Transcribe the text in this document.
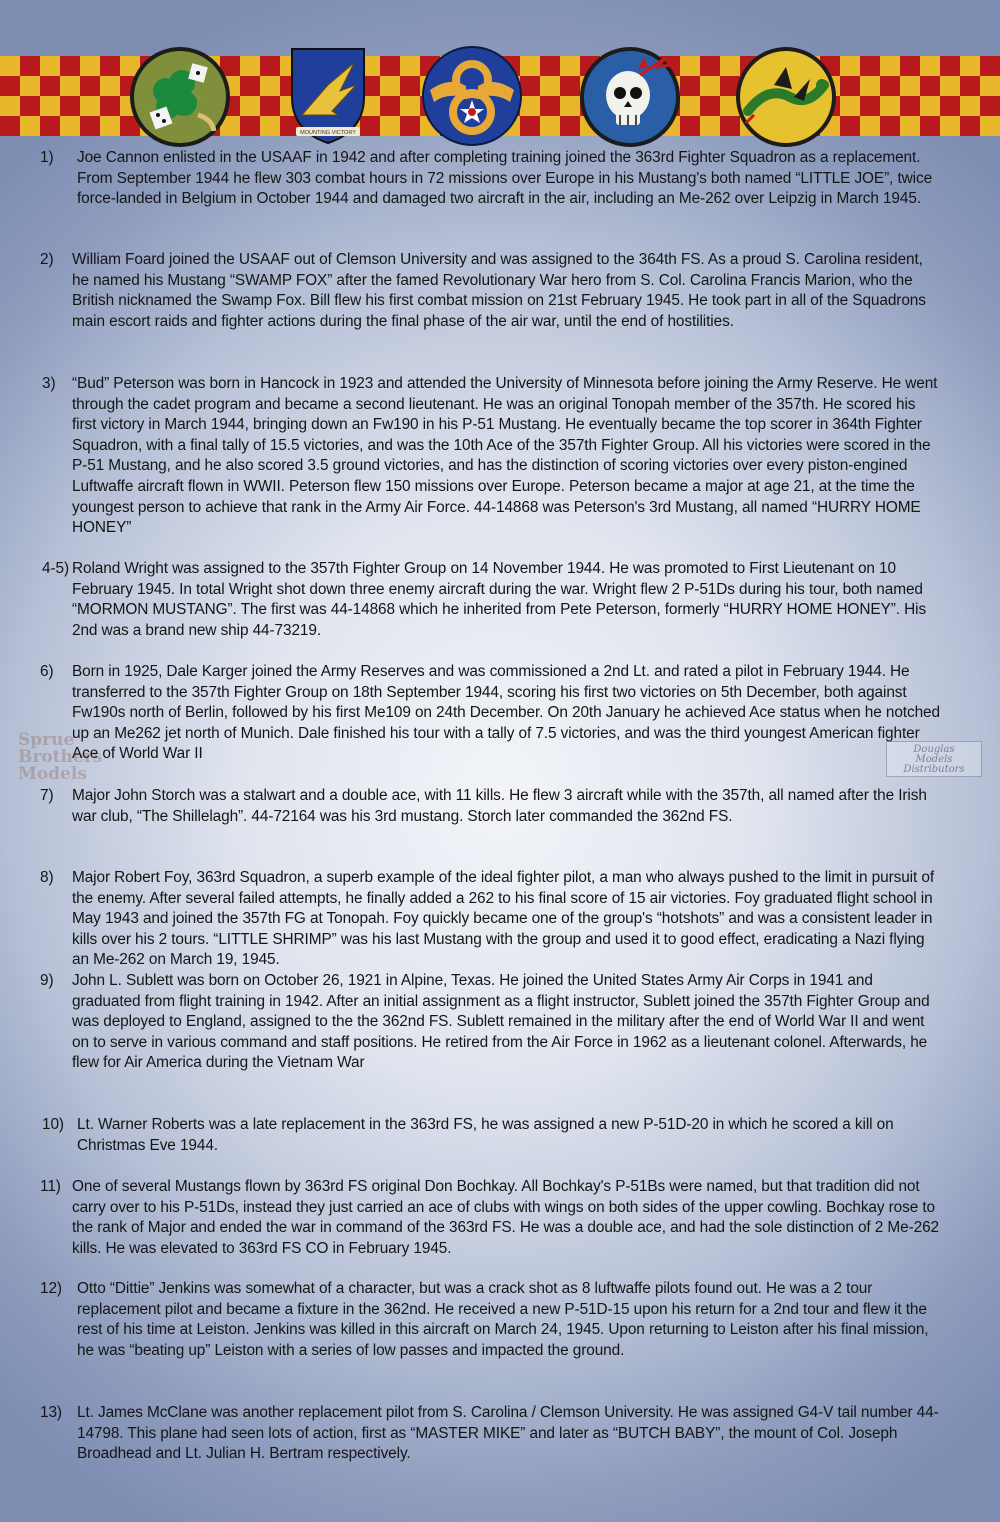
MOUNTING VICTORY
Sprue
Brothers
Models
Douglas
Models
Distributors
1) Joe Cannon enlisted in the USAAF in 1942 and after completing training joined the 363rd Fighter Squadron as a replacement. From September 1944 he flew 303 combat hours in 72 missions over Europe in his Mustang's both named “LITTLE JOE”, twice force-landed in Belgium in October 1944 and damaged two aircraft in the air, including an Me-262 over Leipzig in March 1945.
2) William Foard joined the USAAF out of Clemson University and was assigned to the 364th FS. As a proud S. Carolina resident, he named his Mustang “SWAMP FOX” after the famed Revolutionary War hero from S. Col. Carolina Francis Marion, who the British nicknamed the Swamp Fox. Bill flew his first combat mission on 21st February 1945. He took part in all of the Squadrons main escort raids and fighter actions during the final phase of the air war, until the end of hostilities.
3) “Bud” Peterson was born in Hancock in 1923 and attended the University of Minnesota before joining the Army Reserve. He went through the cadet program and became a second lieutenant. He was an original Tonopah member of the 357th. He scored his first victory in March 1944, bringing down an Fw190 in his P-51 Mustang. He eventually became the top scorer in 364th Fighter Squadron, with a final tally of 15.5 victories, and was the 10th Ace of the 357th Fighter Group. All his victories were scored in the P-51 Mustang, and he also scored 3.5 ground victories, and has the distinction of scoring victories over every piston-engined Luftwaffe aircraft flown in WWII. Peterson flew 150 missions over Europe. Peterson became a major at age 21, at the time the youngest person to achieve that rank in the Army Air Force. 44-14868 was Peterson's 3rd Mustang, all named “HURRY HOME HONEY”
4-5) Roland Wright was assigned to the 357th Fighter Group on 14 November 1944. He was promoted to First Lieutenant on 10 February 1945. In total Wright shot down three enemy aircraft during the war. Wright flew 2 P-51Ds during his tour, both named “MORMON MUSTANG”. The first was 44-14868 which he inherited from Pete Peterson, formerly “HURRY HOME HONEY”. His 2nd was a brand new ship 44-73219.
6) Born in 1925, Dale Karger joined the Army Reserves and was commissioned a 2nd Lt. and rated a pilot in February 1944. He transferred to the 357th Fighter Group on 18th September 1944, scoring his first two victories on 5th December, both against Fw190s north of Berlin, followed by his first Me109 on 24th December. On 20th January he achieved Ace status when he notched up an Me262 jet north of Munich. Dale finished his tour with a tally of 7.5 victories, and was the third youngest American fighter Ace of World War II
7) Major John Storch was a stalwart and a double ace, with 11 kills. He flew 3 aircraft while with the 357th, all named after the Irish war club, “The Shillelagh”. 44-72164 was his 3rd mustang. Storch later commanded the 362nd FS.
8) Major Robert Foy, 363rd Squadron, a superb example of the ideal fighter pilot, a man who always pushed to the limit in pursuit of the enemy. After several failed attempts, he finally added a 262 to his final score of 15 air victories. Foy graduated flight school in May 1943 and joined the 357th FG at Tonopah. Foy quickly became one of the group's “hotshots” and was a consistent leader in kills over his 2 tours. “LITTLE SHRIMP” was his last Mustang with the group and used it to good effect, eradicating a Nazi flying an Me-262 on March 19, 1945.
9) John L. Sublett was born on October 26, 1921 in Alpine, Texas. He joined the United States Army Air Corps in 1941 and graduated from flight training in 1942. After an initial assignment as a flight instructor, Sublett joined the 357th Fighter Group and was deployed to England, assigned to the the 362nd FS. Sublett remained in the military after the end of World War II and went on to serve in various command and staff positions. He retired from the Air Force in 1962 as a lieutenant colonel. Afterwards, he flew for Air America during the Vietnam War
10) Lt. Warner Roberts was a late replacement in the 363rd FS, he was assigned a new P-51D-20 in which he scored a kill on Christmas Eve 1944.
11) One of several Mustangs flown by 363rd FS original Don Bochkay. All Bochkay's P-51Bs were named, but that tradition did not carry over to his P-51Ds, instead they just carried an ace of clubs with wings on both sides of the upper cowling. Bochkay rose to the rank of Major and ended the war in command of the 363rd FS. He was a double ace, and had the sole distinction of 2 Me-262 kills. He was elevated to 363rd FS CO in February 1945.
12) Otto “Dittie” Jenkins was somewhat of a character, but was a crack shot as 8 luftwaffe pilots found out. He was a 2 tour replacement pilot and became a fixture in the 362nd. He received a new P-51D-15 upon his return for a 2nd tour and flew it the rest of his time at Leiston. Jenkins was killed in this aircraft on March 24, 1945. Upon returning to Leiston after his final mission, he was “beating up” Leiston with a series of low passes and impacted the ground.
13) Lt. James McClane was another replacement pilot from S. Carolina / Clemson University. He was assigned G4-V tail number 44-14798. This plane had seen lots of action, first as “MASTER MIKE” and later as “BUTCH BABY”, the mount of Col. Joseph Broadhead and Lt. Julian H. Bertram respectively.
